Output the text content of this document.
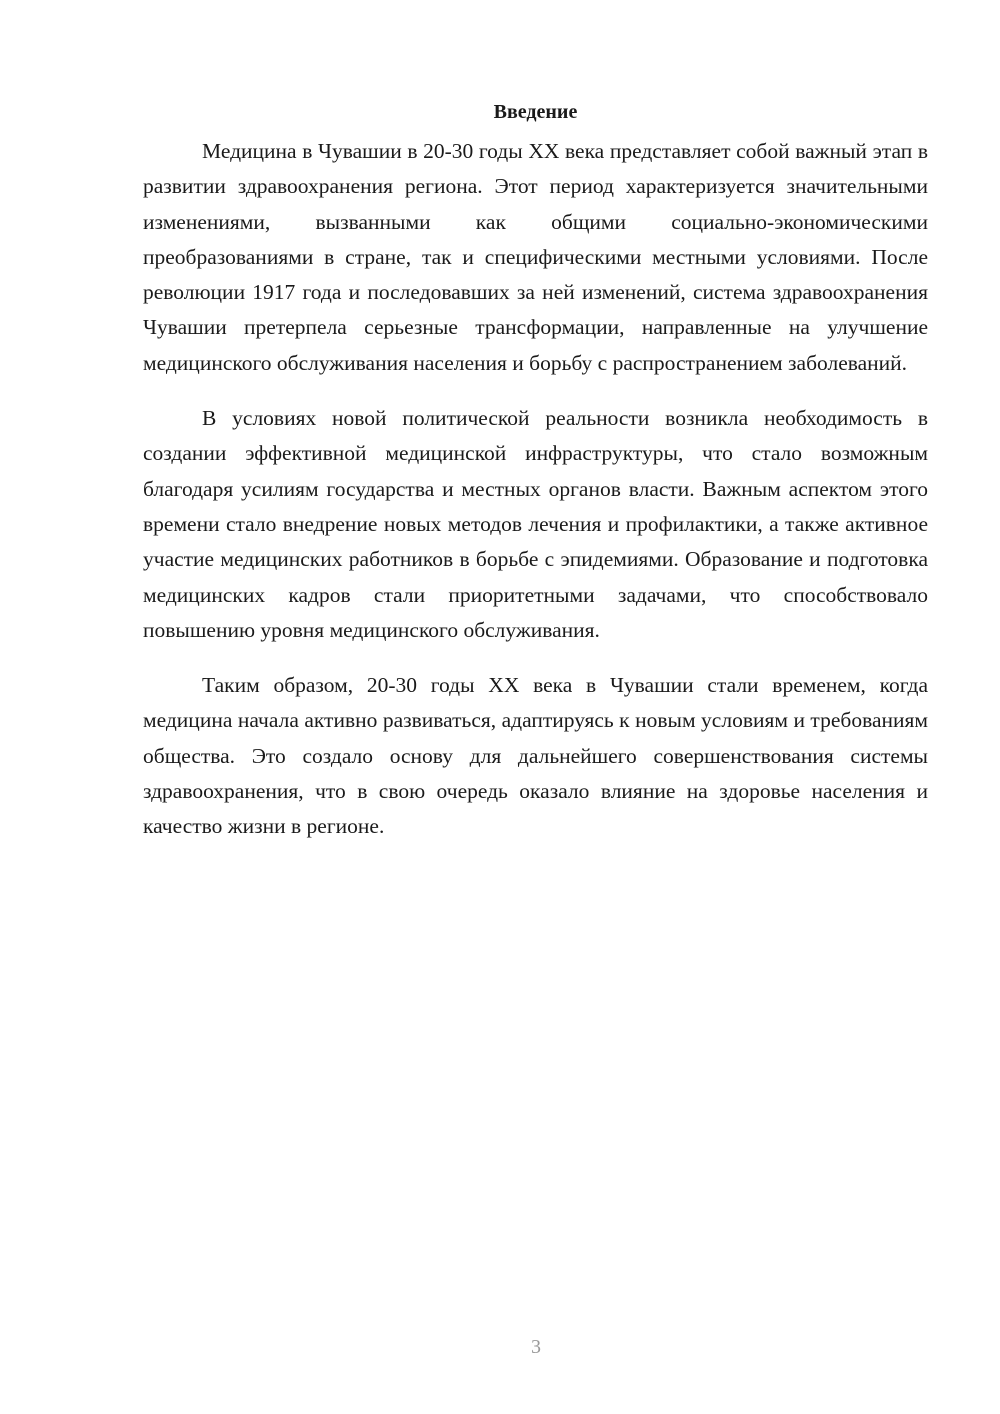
Введение

Медицина в Чувашии в 20-30 годы XX века представляет собой важный этап в развитии здравоохранения региона. Этот период характеризуется значительными изменениями, вызванными как общими социально-экономическими преобразованиями в стране, так и специфическими местными условиями. После революции 1917 года и последовавших за ней изменений, система здравоохранения Чувашии претерпела серьезные трансформации, направленные на улучшение медицинского обслуживания населения и борьбу с распространением заболеваний.

В условиях новой политической реальности возникла необходимость в создании эффективной медицинской инфраструктуры, что стало возможным благодаря усилиям государства и местных органов власти. Важным аспектом этого времени стало внедрение новых методов лечения и профилактики, а также активное участие медицинских работников в борьбе с эпидемиями. Образование и подготовка медицинских кадров стали приоритетными задачами, что способствовало повышению уровня медицинского обслуживания.

Таким образом, 20-30 годы XX века в Чувашии стали временем, когда медицина начала активно развиваться, адаптируясь к новым условиям и требованиям общества. Это создало основу для дальнейшего совершенствования системы здравоохранения, что в свою очередь оказало влияние на здоровье населения и качество жизни в регионе.

3
